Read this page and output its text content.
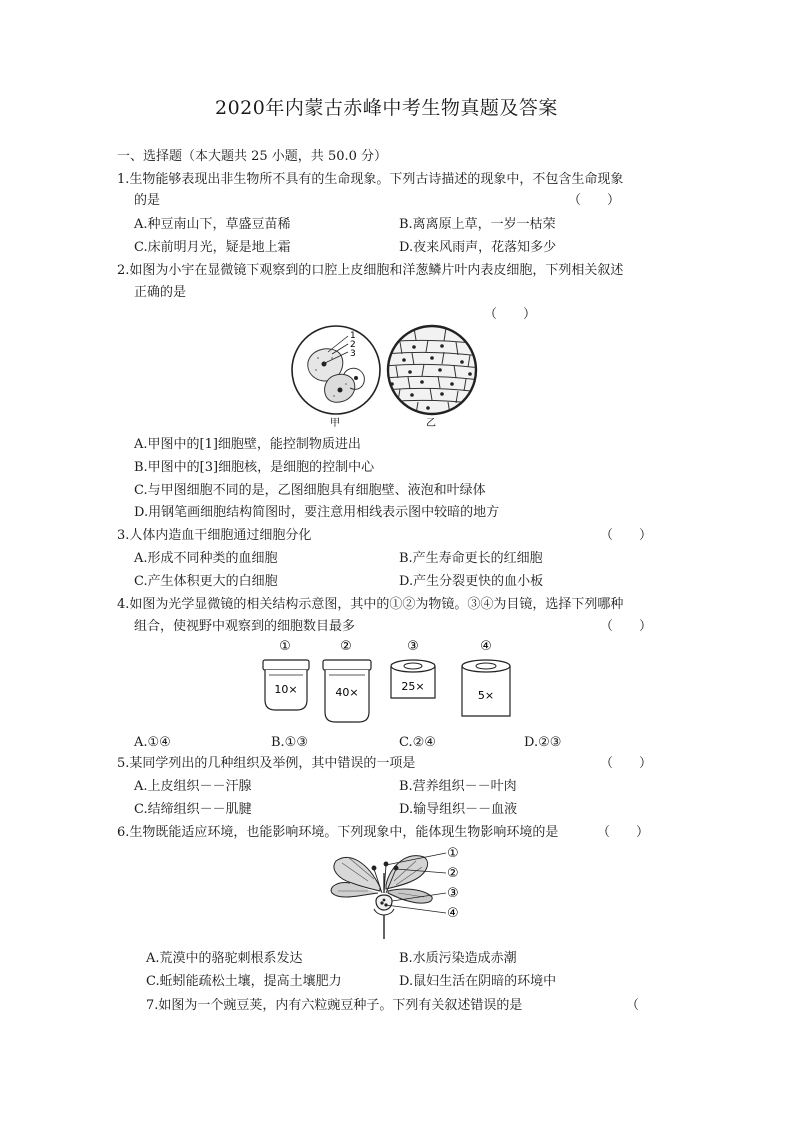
2020年内蒙古赤峰中考生物真题及答案
一、选择题（本大题共 25 小题，共 50.0 分）
1.生物能够表现出非生物所不具有的生命现象。下列古诗描述的现象中，不包含生命现象
的是	（　　）
A.种豆南山下，草盛豆苗稀	B.离离原上草，一岁一枯荣
C.床前明月光，疑是地上霜	D.夜来风雨声，花落知多少
2.如图为小宇在显微镜下观察到的口腔上皮细胞和洋葱鳞片叶内表皮细胞，下列相关叙述
正确的是
（　　）
1
2
3
甲	乙
A.甲图中的[1]细胞壁，能控制物质进出
B.甲图中的[3]细胞核，是细胞的控制中心
C.与甲图细胞不同的是，乙图细胞具有细胞壁、液泡和叶绿体
D.用钢笔画细胞结构简图时，要注意用相线表示图中较暗的地方
3.人体内造血干细胞通过细胞分化	（　　）
A.形成不同种类的血细胞	B.产生寿命更长的红细胞
C.产生体积更大的白细胞	D.产生分裂更快的血小板
4.如图为光学显微镜的相关结构示意图，其中的①②为物镜。③④为目镜，选择下列哪种
组合，使视野中观察到的细胞数目最多	（　　）
①
10×
②
40×
③
25×
④
5×
A.①④	B.①③	C.②④	D.②③
5.某同学列出的几种组织及举例，其中错误的一项是	（　　）
A.上皮组织－－汗腺	B.营养组织－－叶肉
C.结缔组织－－肌腱	D.输导组织－－血液
6.生物既能适应环境，也能影响环境。下列现象中，能体现生物影响环境的是	（　　）
①
②
③
④
A.荒漠中的骆驼刺根系发达	B.水质污染造成赤潮
C.蚯蚓能疏松土壤，提高土壤肥力	D.鼠妇生活在阴暗的环境中
7.如图为一个豌豆荚，内有六粒豌豆种子。下列有关叙述错误的是	（
